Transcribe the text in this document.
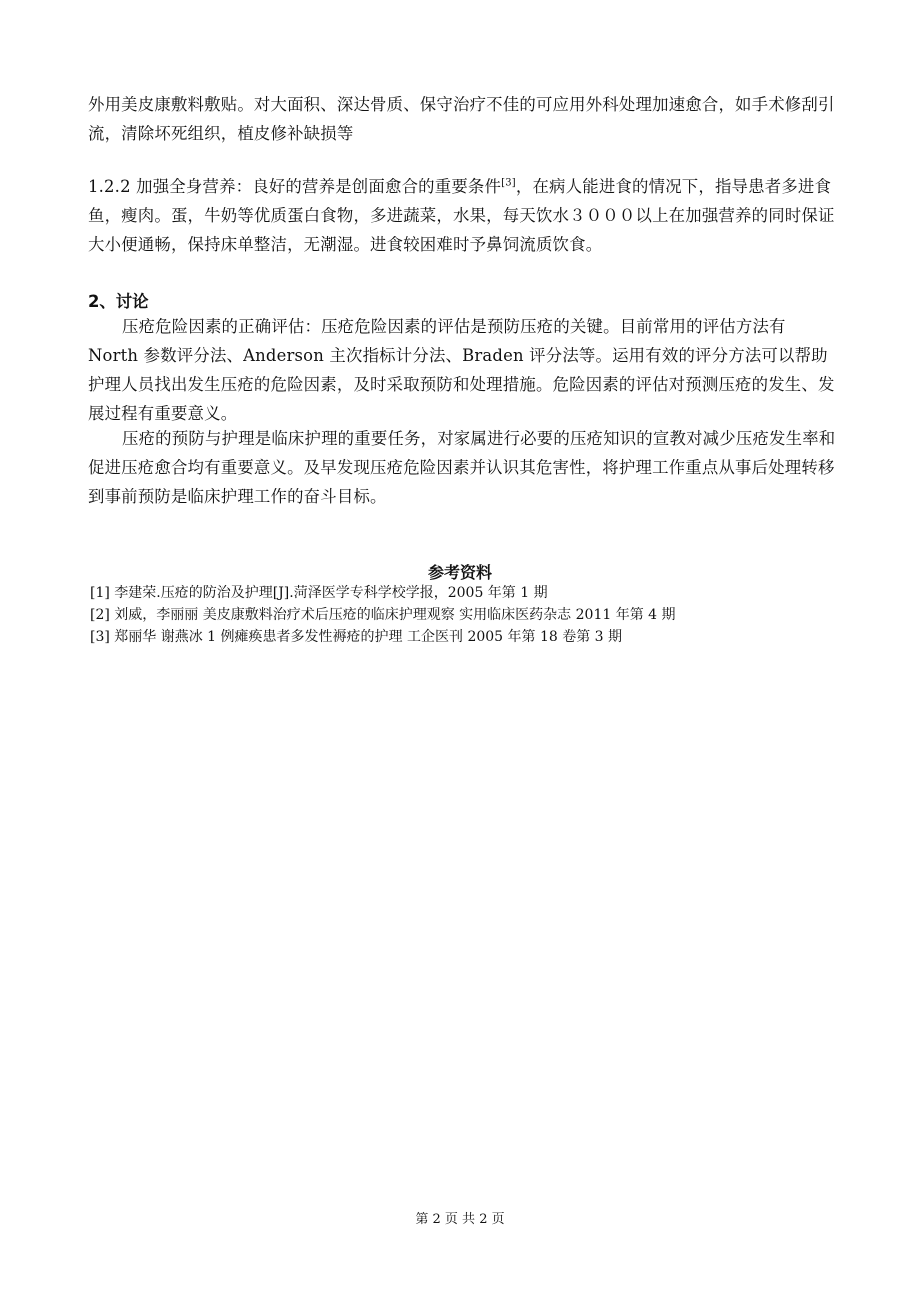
外用美皮康敷料敷贴。对大面积、深达骨质、保守治疗不佳的可应用外科处理加速愈合，如手术修刮引流，清除坏死组织，植皮修补缺损等

1.2.2 加强全身营养：良好的营养是创面愈合的重要条件[3]，在病人能进食的情况下，指导患者多进食鱼，瘦肉。蛋，牛奶等优质蛋白食物，多进蔬菜，水果，每天饮水３０００以上在加强营养的同时保证大小便通畅，保持床单整洁，无潮湿。进食较困难时予鼻饲流质饮食。

2、讨论

压疮危险因素的正确评估：压疮危险因素的评估是预防压疮的关键。目前常用的评估方法有 North 参数评分法、Anderson 主次指标计分法、Braden 评分法等。运用有效的评分方法可以帮助护理人员找出发生压疮的危险因素，及时采取预防和处理措施。危险因素的评估对预测压疮的发生、发展过程有重要意义。

压疮的预防与护理是临床护理的重要任务，对家属进行必要的压疮知识的宣教对减少压疮发生率和促进压疮愈合均有重要意义。及早发现压疮危险因素并认识其危害性，将护理工作重点从事后处理转移到事前预防是临床护理工作的奋斗目标。

参考资料
[1] 李建荣.压疮的防治及护理[J].菏泽医学专科学校学报，2005 年第 1 期
[2] 刘威，李丽丽 美皮康敷料治疗术后压疮的临床护理观察 实用临床医药杂志 2011 年第 4 期
[3] 郑丽华 谢燕冰 1 例瘫痪患者多发性褥疮的护理 工企医刊 2005 年第 18 卷第 3 期
第 2 页 共 2 页
